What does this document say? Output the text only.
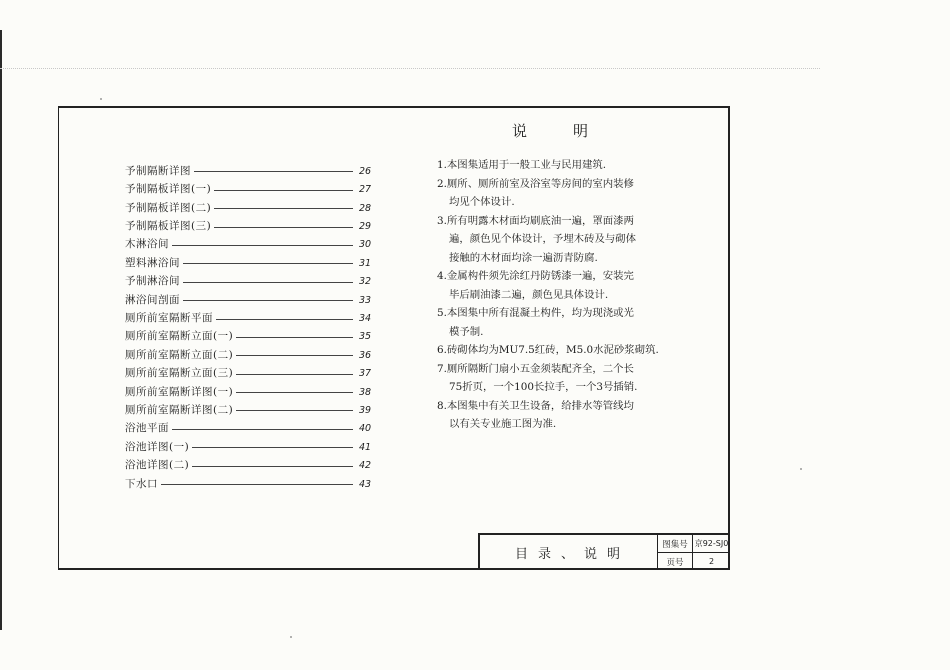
予制隔断详图	26
予制隔板详图(一)	27
予制隔板详图(二)	28
予制隔板详图(三)	29
木淋浴间	30
塑料淋浴间	31
予制淋浴间	32
淋浴间剖面	33
厕所前室隔断平面	34
厕所前室隔断立面(一)	35
厕所前室隔断立面(二)	36
厕所前室隔断立面(三)	37
厕所前室隔断详图(一)	38
厕所前室隔断详图(二)	39
浴池平面	40
浴池详图(一)	41
浴池详图(二)	42
下水口	43
说明
1.本图集适用于一般工业与民用建筑.
2.厕所、厕所前室及浴室等房间的室内装修
均见个体设计.
3.所有明露木材面均刷底油一遍，罩面漆两
遍，颜色见个体设计，予埋木砖及与砌体
接触的木材面均涂一遍沥青防腐.
4.金属构件须先涂红丹防锈漆一遍，安装完
毕后刷油漆二遍，颜色见具体设计.
5.本图集中所有混凝土构件，均为现浇或光
模予制.
6.砖砌体均为MU7.5红砖，M5.0水泥砂浆砌筑.
7.厕所隔断门扇小五金须装配齐全，二个长
75折页，一个100长拉手，一个3号插销.
8.本图集中有关卫生设备，给排水等管线均
以有关专业施工图为准.
目录、说明
图集号 京92-SJ0
页号	2
